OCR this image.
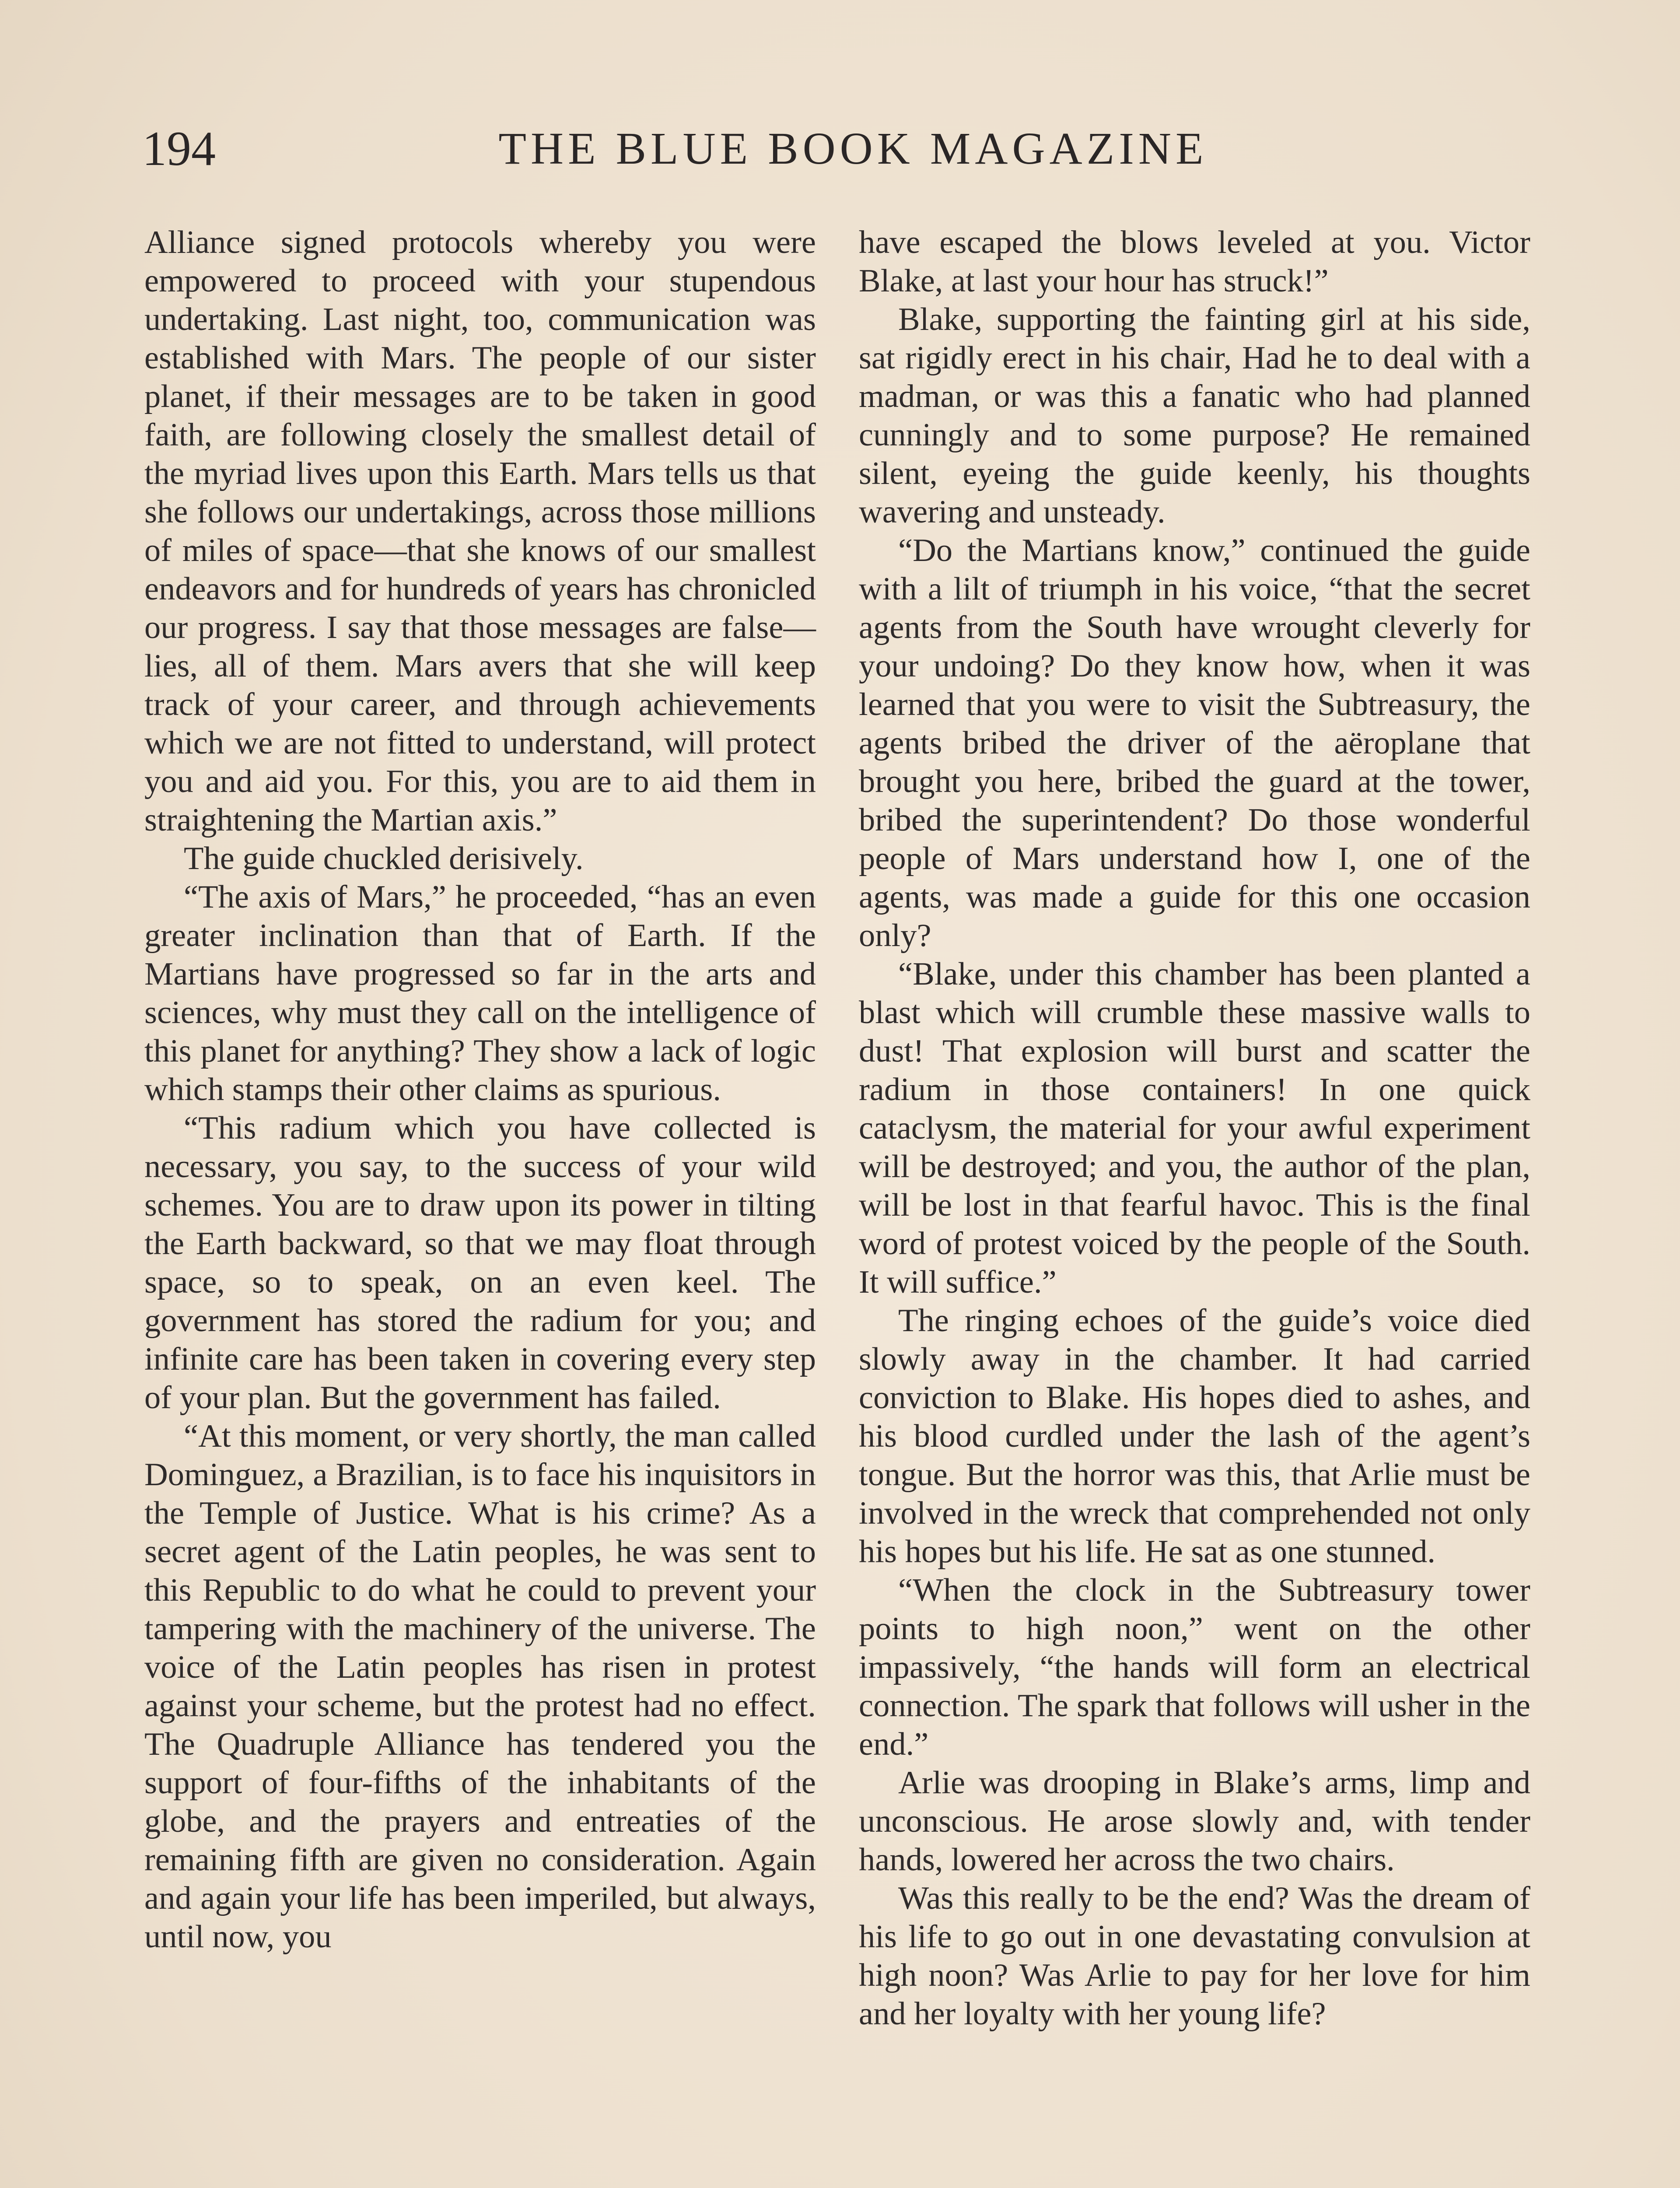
194	THE BLUE BOOK MAGAZINE

Alliance signed protocols whereby you were empowered to proceed with your stupendous undertaking. Last night, too, communication was established with Mars. The people of our sister planet, if their messages are to be taken in good faith, are following closely the smallest detail of the myriad lives upon this Earth. Mars tells us that she follows our undertakings, across those millions of miles of space—that she knows of our smallest endeavors and for hundreds of years has chronicled our progress. I say that those messages are false—lies, all of them. Mars avers that she will keep track of your career, and through achievements which we are not fitted to understand, will protect you and aid you. For this, you are to aid them in straightening the Martian axis.”

The guide chuckled derisively.

“The axis of Mars,” he proceeded, “has an even greater inclination than that of Earth. If the Martians have progressed so far in the arts and sciences, why must they call on the intelligence of this planet for anything? They show a lack of logic which stamps their other claims as spurious.

“This radium which you have collected is necessary, you say, to the success of your wild schemes. You are to draw upon its power in tilting the Earth backward, so that we may float through space, so to speak, on an even keel. The government has stored the radium for you; and infinite care has been taken in covering every step of your plan. But the government has failed.

“At this moment, or very shortly, the man called Dominguez, a Brazilian, is to face his inquisitors in the Temple of Justice. What is his crime? As a secret agent of the Latin peoples, he was sent to this Republic to do what he could to prevent your tampering with the machinery of the universe. The voice of the Latin peoples has risen in protest against your scheme, but the protest had no effect. The Quadruple Alliance has tendered you the support of four-fifths of the inhabitants of the globe, and the prayers and entreaties of the remaining fifth are given no consideration. Again and again your life has been imperiled, but always, until now, you

have escaped the blows leveled at you. Victor Blake, at last your hour has struck!”

Blake, supporting the fainting girl at his side, sat rigidly erect in his chair, Had he to deal with a madman, or was this a fanatic who had planned cunningly and to some purpose? He remained silent, eyeing the guide keenly, his thoughts wavering and unsteady.

“Do the Martians know,” continued the guide with a lilt of triumph in his voice, “that the secret agents from the South have wrought cleverly for your undoing? Do they know how, when it was learned that you were to visit the Subtreasury, the agents bribed the driver of the aëroplane that brought you here, bribed the guard at the tower, bribed the superintendent? Do those wonderful people of Mars understand how I, one of the agents, was made a guide for this one occasion only?

“Blake, under this chamber has been planted a blast which will crumble these massive walls to dust! That explosion will burst and scatter the radium in those containers! In one quick cataclysm, the material for your awful experiment will be destroyed; and you, the author of the plan, will be lost in that fearful havoc. This is the final word of protest voiced by the people of the South. It will suffice.”

The ringing echoes of the guide’s voice died slowly away in the chamber. It had carried conviction to Blake. His hopes died to ashes, and his blood curdled under the lash of the agent’s tongue. But the horror was this, that Arlie must be involved in the wreck that comprehended not only his hopes but his life. He sat as one stunned.

“When the clock in the Subtreasury tower points to high noon,” went on the other impassively, “the hands will form an electrical connection. The spark that follows will usher in the end.”

Arlie was drooping in Blake’s arms, limp and unconscious. He arose slowly and, with tender hands, lowered her across the two chairs.

Was this really to be the end? Was the dream of his life to go out in one devastating convulsion at high noon? Was Arlie to pay for her love for him and her loyalty with her young life?
